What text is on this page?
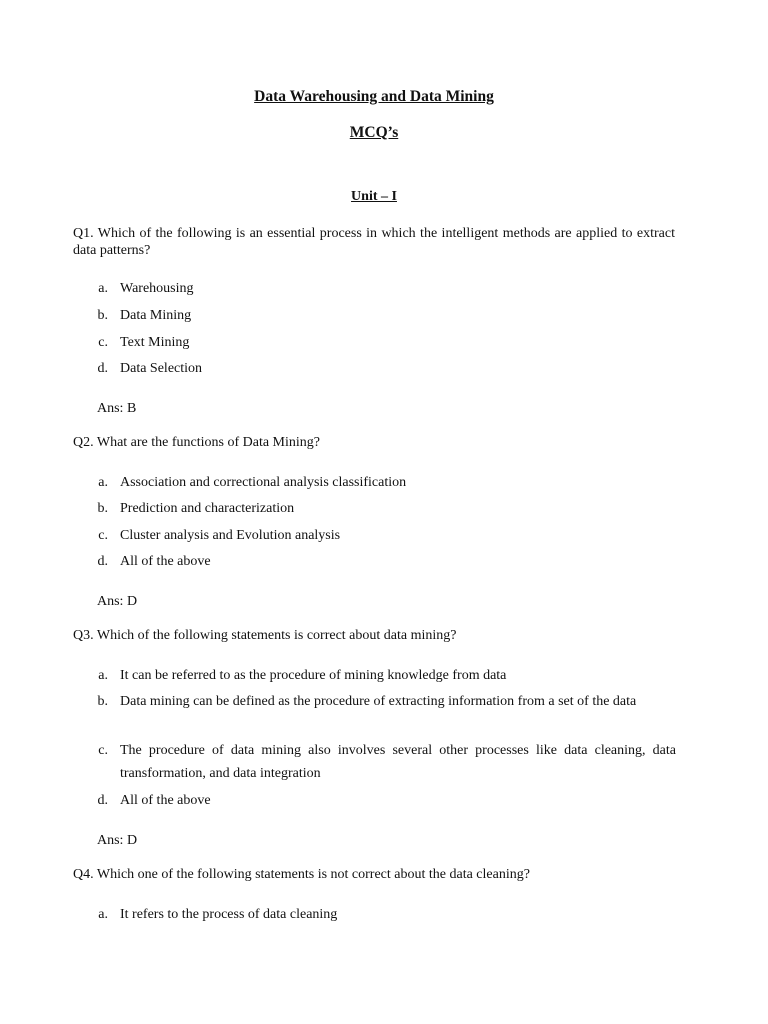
Data Warehousing and Data Mining
MCQ’s
Unit – I
Q1. Which of the following is an essential process in which the intelligent methods are applied to extract data patterns?
a. Warehousing
b. Data Mining
c. Text Mining
d. Data Selection
Ans: B
Q2. What are the functions of Data Mining?
a. Association and correctional analysis classification
b. Prediction and characterization
c. Cluster analysis and Evolution analysis
d. All of the above
Ans: D
Q3. Which of the following statements is correct about data mining?
a. It can be referred to as the procedure of mining knowledge from data
b. Data mining can be defined as the procedure of extracting information from a set of the data
c. The procedure of data mining also involves several other processes like data cleaning, data transformation, and data integration
d. All of the above
Ans: D
Q4. Which one of the following statements is not correct about the data cleaning?
a. It refers to the process of data cleaning
